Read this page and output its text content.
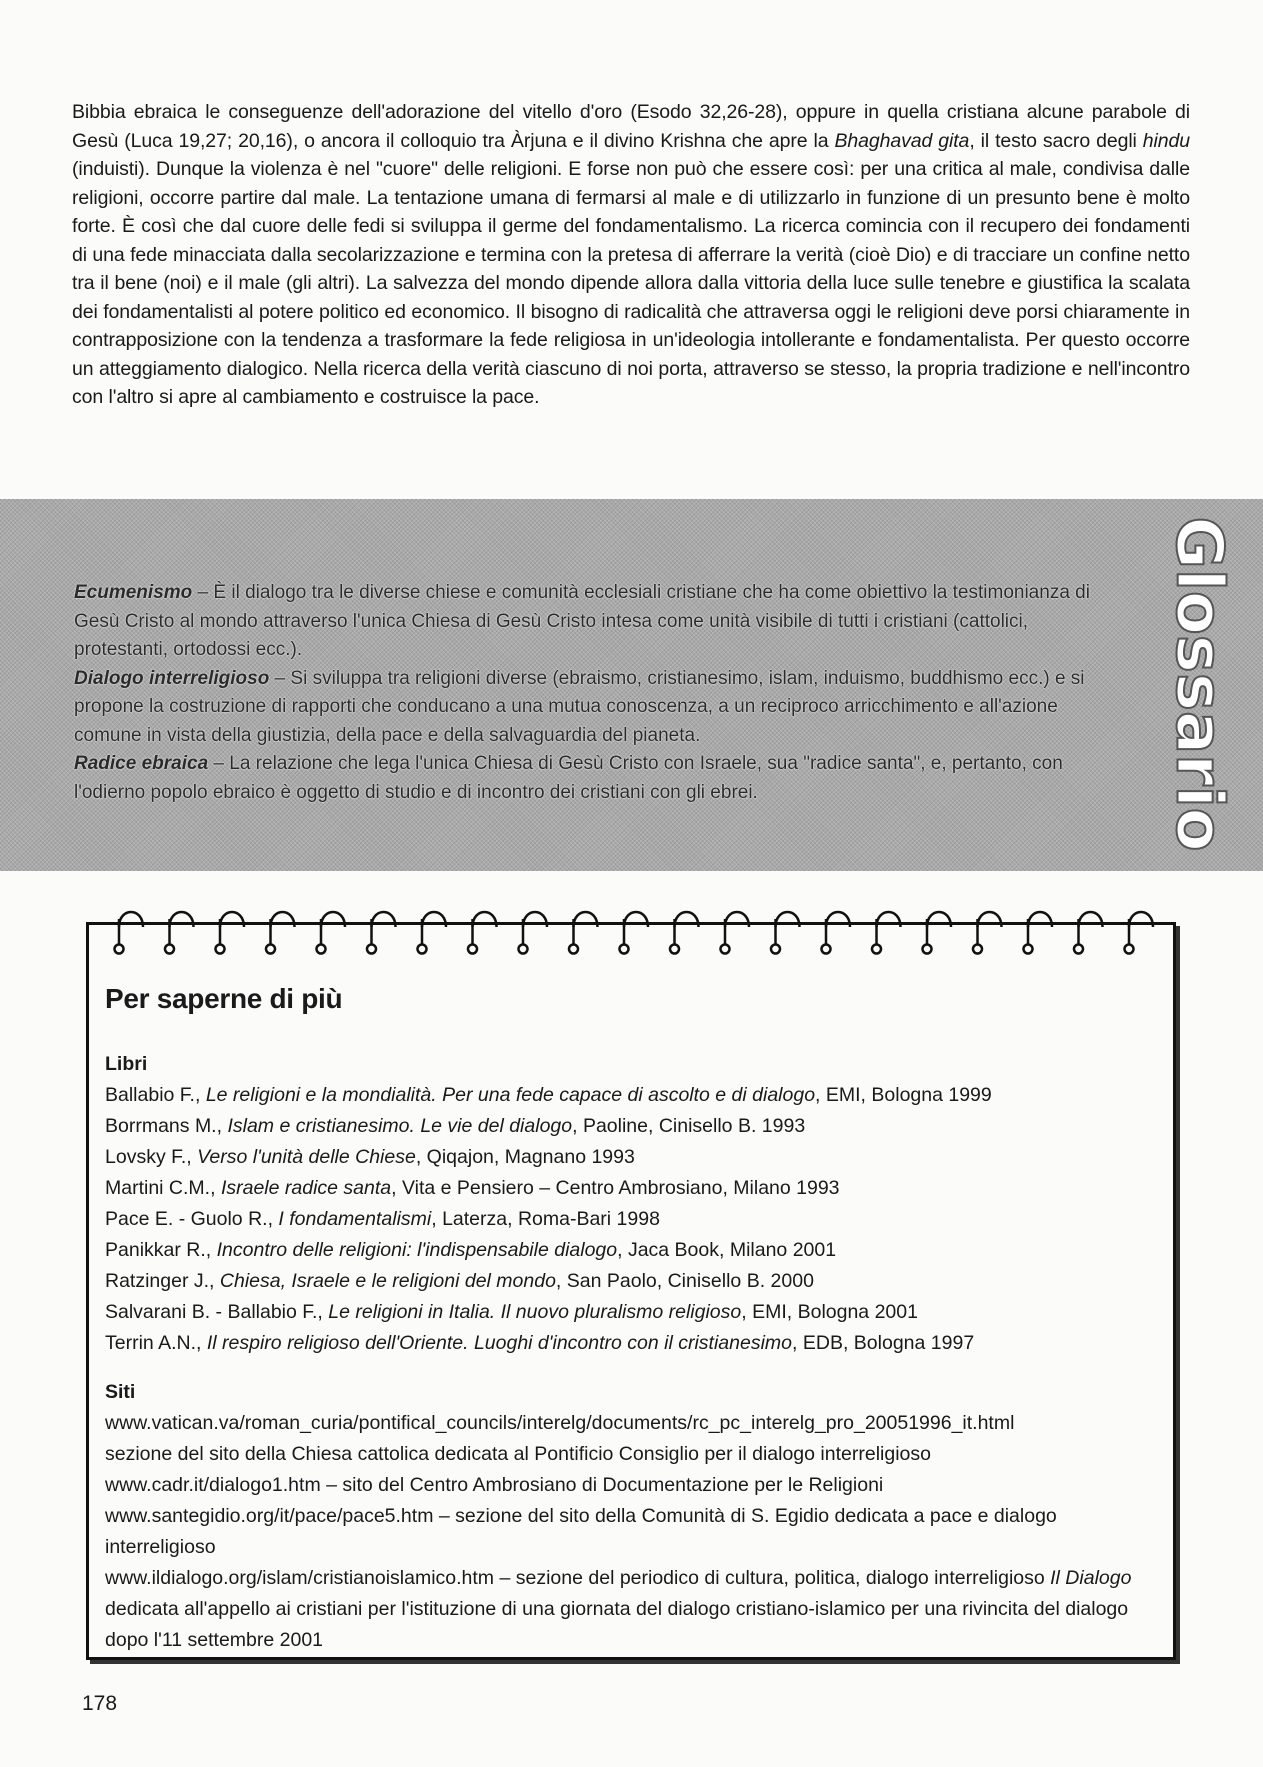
Bibbia ebraica le conseguenze dell'adorazione del vitello d'oro (Esodo 32,26-28), oppure in quella cristiana alcune parabole di Gesù (Luca 19,27; 20,16), o ancora il colloquio tra Àrjuna e il divino Krishna che apre la Bhaghavad gita, il testo sacro degli hindu (induisti). Dunque la violenza è nel "cuore" delle religioni. E forse non può che essere così: per una critica al male, condivisa dalle religioni, occorre partire dal male. La tentazione umana di fermarsi al male e di utilizzarlo in funzione di un presunto bene è molto forte. È così che dal cuore delle fedi si sviluppa il germe del fondamentalismo. La ricerca comincia con il recupero dei fondamenti di una fede minacciata dalla secolarizzazione e termina con la pretesa di afferrare la verità (cioè Dio) e di tracciare un confine netto tra il bene (noi) e il male (gli altri). La salvezza del mondo dipende allora dalla vittoria della luce sulle tenebre e giustifica la scalata dei fondamentalisti al potere politico ed economico. Il bisogno di radicalità che attraversa oggi le religioni deve porsi chiaramente in contrapposizione con la tendenza a trasformare la fede religiosa in un'ideologia intollerante e fondamentalista. Per questo occorre un atteggiamento dialogico. Nella ricerca della verità ciascuno di noi porta, attraverso se stesso, la propria tradizione e nell'incontro con l'altro si apre al cambiamento e costruisce la pace.
Ecumenismo – È il dialogo tra le diverse chiese e comunità ecclesiali cristiane che ha come obiettivo la testimonianza di Gesù Cristo al mondo attraverso l'unica Chiesa di Gesù Cristo intesa come unità visibile di tutti i cristiani (cattolici, protestanti, ortodossi ecc.).
Dialogo interreligioso – Si sviluppa tra religioni diverse (ebraismo, cristianesimo, islam, induismo, buddhismo ecc.) e si propone la costruzione di rapporti che conducano a una mutua conoscenza, a un reciproco arricchimento e all'azione comune in vista della giustizia, della pace e della salvaguardia del pianeta.
Radice ebraica – La relazione che lega l'unica Chiesa di Gesù Cristo con Israele, sua "radice santa", e, pertanto, con l'odierno popolo ebraico è oggetto di studio e di incontro dei cristiani con gli ebrei.	Glossario
Per saperne di più
Libri
Ballabio F., Le religioni e la mondialità. Per una fede capace di ascolto e di dialogo, EMI, Bologna 1999
Borrmans M., Islam e cristianesimo. Le vie del dialogo, Paoline, Cinisello B. 1993
Lovsky F., Verso l'unità delle Chiese, Qiqajon, Magnano 1993
Martini C.M., Israele radice santa, Vita e Pensiero – Centro Ambrosiano, Milano 1993
Pace E. - Guolo R., I fondamentalismi, Laterza, Roma-Bari 1998
Panikkar R., Incontro delle religioni: l'indispensabile dialogo, Jaca Book, Milano 2001
Ratzinger J., Chiesa, Israele e le religioni del mondo, San Paolo, Cinisello B. 2000
Salvarani B. - Ballabio F., Le religioni in Italia. Il nuovo pluralismo religioso, EMI, Bologna 2001
Terrin A.N., Il respiro religioso dell'Oriente. Luoghi d'incontro con il cristianesimo, EDB, Bologna 1997
Siti
www.vatican.va/roman_curia/pontifical_councils/interelg/documents/rc_pc_interelg_pro_20051996_it.html
sezione del sito della Chiesa cattolica dedicata al Pontificio Consiglio per il dialogo interreligioso
www.cadr.it/dialogo1.htm – sito del Centro Ambrosiano di Documentazione per le Religioni
www.santegidio.org/it/pace/pace5.htm – sezione del sito della Comunità di S. Egidio dedicata a pace e dialogo interreligioso
www.ildialogo.org/islam/cristianoislamico.htm – sezione del periodico di cultura, politica, dialogo interreligioso Il Dialogo dedicata all'appello ai cristiani per l'istituzione di una giornata del dialogo cristiano-islamico per una rivincita del dialogo dopo l'11 settembre 2001
178
